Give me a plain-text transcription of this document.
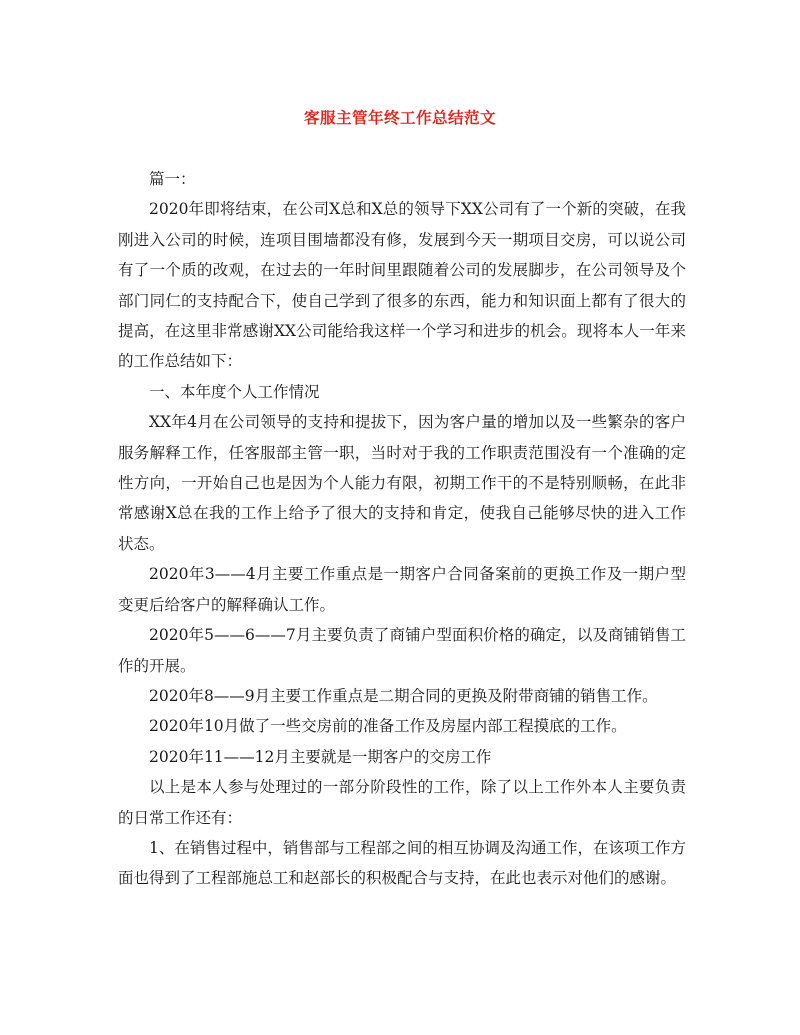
客服主管年终工作总结范文

篇一：

2020年即将结束，在公司X总和X总的领导下XX公司有了一个新的突破，在我刚进入公司的时候，连项目围墙都没有修，发展到今天一期项目交房，可以说公司有了一个质的改观，在过去的一年时间里跟随着公司的发展脚步，在公司领导及个部门同仁的支持配合下，使自己学到了很多的东西，能力和知识面上都有了很大的提高，在这里非常感谢XX公司能给我这样一个学习和进步的机会。现将本人一年来的工作总结如下：

一、本年度个人工作情况

XX年4月在公司领导的支持和提拔下，因为客户量的增加以及一些繁杂的客户服务解释工作，任客服部主管一职，当时对于我的工作职责范围没有一个准确的定性方向，一开始自己也是因为个人能力有限，初期工作干的不是特别顺畅，在此非常感谢X总在我的工作上给予了很大的支持和肯定，使我自己能够尽快的进入工作状态。

2020年3——4月主要工作重点是一期客户合同备案前的更换工作及一期户型变更后给客户的解释确认工作。

2020年5——6——7月主要负责了商铺户型面积价格的确定，以及商铺销售工作的开展。

2020年8——9月主要工作重点是二期合同的更换及附带商铺的销售工作。

2020年10月做了一些交房前的准备工作及房屋内部工程摸底的工作。

2020年11——12月主要就是一期客户的交房工作

以上是本人参与处理过的一部分阶段性的工作，除了以上工作外本人主要负责的日常工作还有：

1、在销售过程中，销售部与工程部之间的相互协调及沟通工作，在该项工作方面也得到了工程部施总工和赵部长的积极配合与支持，在此也表示对他们的感谢。
